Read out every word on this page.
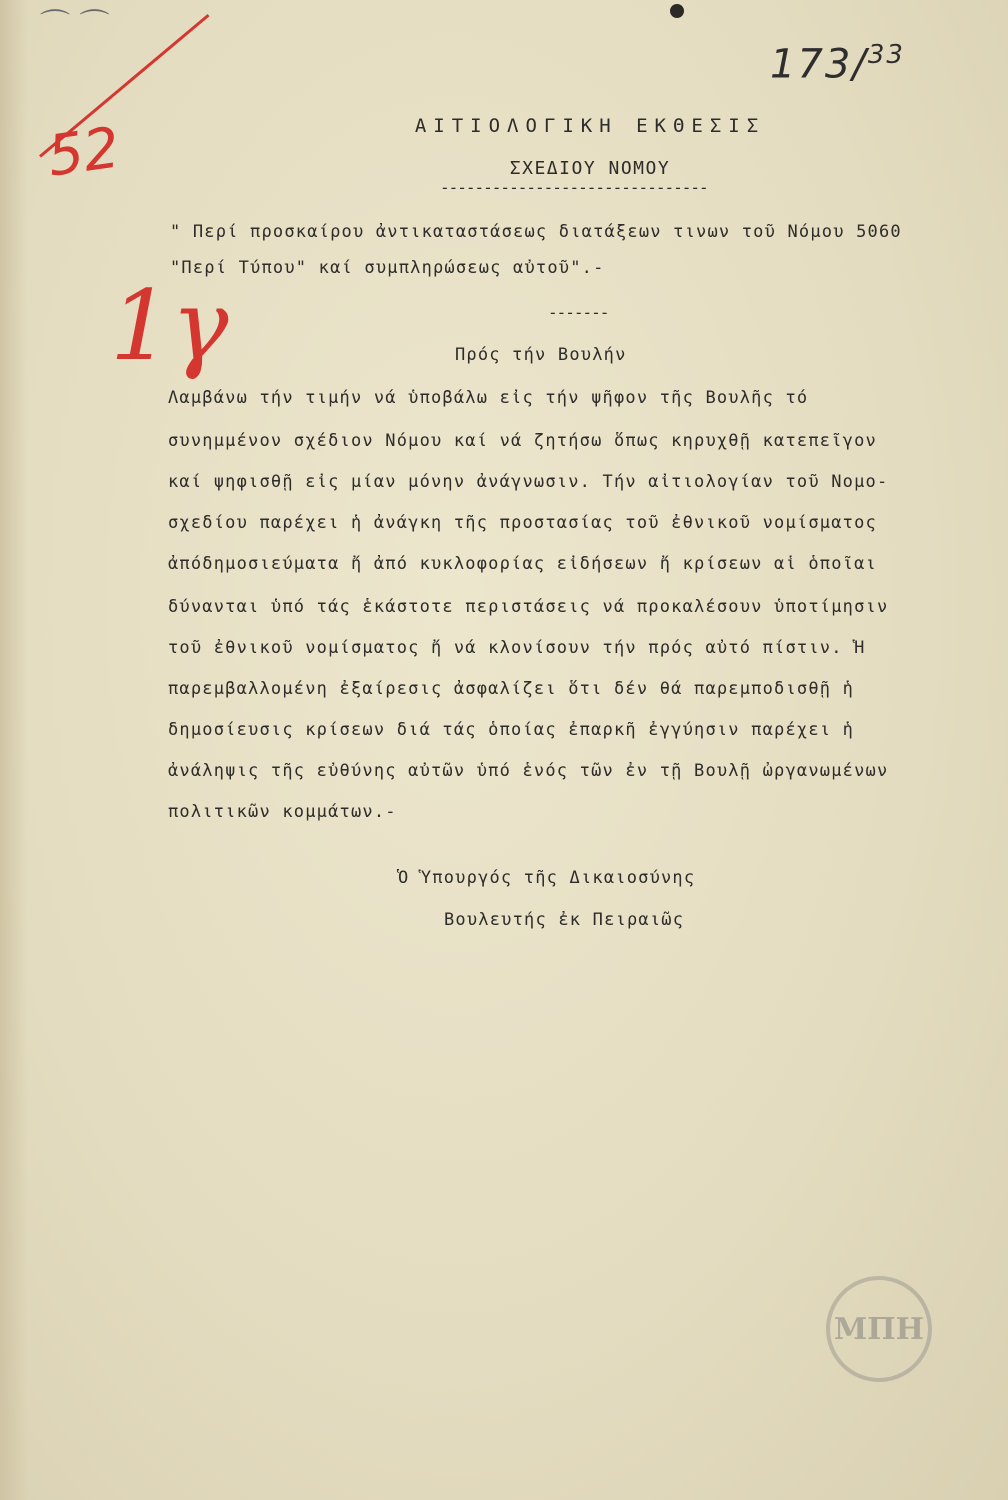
⌒ ⌒
173/$^{33}$
52
1γ
ΑΙΤΙΟΛΟΓΙΚΗ ΕΚΘΕΣΙΣ
ΣΧΕΔΙΟΥ ΝΟΜΟΥ
-------------------------------
" Περί προσκαίρου ἀντικαταστάσεως διατάξεων τινων τοῦ Νόμου 5060
"Περί Τύπου" καί συμπληρώσεως αὐτοῦ".-
-------
Πρός τήν Βουλήν
Λαμβάνω τήν τιμήν νά ὑποβάλω εἰς τήν ψῆφον τῆς Βουλῆς τό
συνημμένον σχέδιον Νόμου καί νά ζητήσω ὅπως κηρυχθῇ κατεπεῖγον
καί ψηφισθῇ εἰς μίαν μόνην ἀνάγνωσιν. Τήν αἰτιολογίαν τοῦ Νομο-
σχεδίου παρέχει ἡ ἀνάγκη τῆς προστασίας τοῦ ἐθνικοῦ νομίσματος
ἀπόδημοσιεύματα ἤ ἀπό κυκλοφορίας εἰδήσεων ἤ κρίσεων αἱ ὁποῖαι
δύνανται ὑπό τάς ἑκάστοτε περιστάσεις νά προκαλέσουν ὑποτίμησιν
τοῦ ἐθνικοῦ νομίσματος ἤ νά κλονίσουν τήν πρός αὐτό πίστιν. Ἡ
παρεμβαλλομένη ἐξαίρεσις ἀσφαλίζει ὅτι δέν θά παρεμποδισθῇ ἡ
δημοσίευσις κρίσεων διά τάς ὁποίας ἐπαρκῆ ἐγγύησιν παρέχει ἡ
ἀνάληψις τῆς εὐθύνης αὐτῶν ὑπό ἑνός τῶν ἐν τῇ Βουλῇ ὠργανωμένων
πολιτικῶν κομμάτων.-
Ὁ Ὑπουργός τῆς Δικαιοσύνης
Βουλευτής ἐκ Πειραιῶς
ΜΠΗ
